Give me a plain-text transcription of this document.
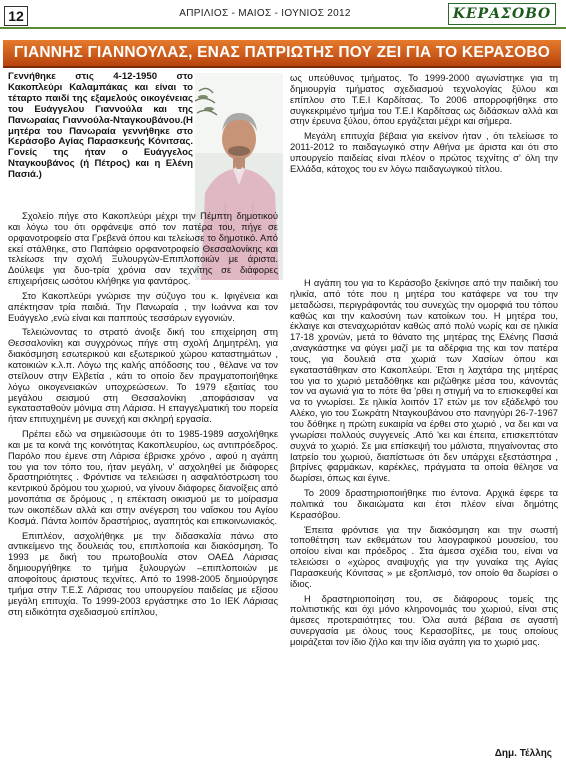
12	ΑΠΡΙΛΙΟΣ - ΜΑΙΟΣ - ΙΟΥΝΙΟΣ 2012	ΚΕΡΑΣΟΒΟ
ΓΙΑΝΝΗΣ ΓΙΑΝΝΟΥΛΑΣ, ΕΝΑΣ ΠΑΤΡΙΩΤΗΣ ΠΟΥ ΖΕΙ ΓΙΑ ΤΟ ΚΕΡΑΣΟΒΟ

Γεννήθηκε στις 4-12-1950 στο Κακοπλεύρι Καλαμπάκας και είναι το τέταρτο παιδί της εξαμελούς οικογένειας του Ευάγγελου Γιαννούλα και της Πανωραίας Γιαννούλα-Νταγκουβάνου.(Η μητέρα του Πανωραία γεννήθηκε στο Κεράσοβο Αγίας Παρασκευής Κόνιτσας. Γονείς της ήταν ο Ευάγγελος Νταγκουβάνος (ή Πέτρος) και η Ελένη Πασιά.)

Σχολείο πήγε στο Κακοπλεύρι μέχρι την Πέμπτη δημοτικού και λόγω του ότι ορφάνεψε από τον πατέρα του, πήγε σε ορφανοτροφείο στα Γρεβενά όπου και τελείωσε το δημοτικό. Από εκεί στάλθηκε, στο Παπάφειο ορφανοτροφείο Θεσσαλονίκης και τελείωσε την σχολή Ξυλουργών-Επιπλοποιών με άριστα. Δούλεψε για δυο-τρία χρόνια σαν τεχνίτης σε διάφορες επιχειρήσεις ωσότου κλήθηκε για φαντάρος.

Στο Κακοπλεύρι γνώρισε την σύζυγο του κ. Ιφιγένεια και απέκτησαν τρία παιδιά. Την Πανωραία , την Ιωάννα και τον Ευάγγελο ,ενώ είναι και παππούς τεσσάρων εγγονιών.

Τελειώνοντας το στρατό άνοιξε δική του επιχείρηση στη Θεσσαλονίκη και συγχρόνως πήγε στη σχολή Δημητρέλη, για διακόσμηση εσωτερικού και εξωτερικού χώρου καταστημάτων , κατοικιών κ.λ.π. Λόγω της καλής απόδοσης του , θέλανε να τον στείλουν στην Ελβετία , κάτι το οποίο δεν πραγματοποιήθηκε λόγω οικογενειακών υποχρεώσεων. Το 1979 εξαιτίας του μεγάλου σεισμού στη Θεσσαλονίκη ,αποφάσισαν να εγκατασταθούν μόνιμα στη Λάρισα. Η επαγγελματική του πορεία ήταν επιτυχημένη με συνεχή και σκληρή εργασία.

Πρέπει εδώ να σημειώσουμε ότι το 1985-1989 ασχολήθηκε και με τα κοινά της κοινότητας Κακοπλευρίου, ως αντιπρόεδρος. Παρόλο που έμενε στη Λάρισα έβρισκε χρόνο , αφού η αγάπη του για τον τόπο του, ήταν μεγάλη, ν' ασχοληθεί με διάφορες δραστηριότητες . Φρόντισε να τελειώσει η ασφαλτόστρωση του κεντρικού δρόμου του χωριού, να γίνουν διάφορες διανοίξεις από μονοπάτια σε δρόμους , η επέκταση οικισμού με το μοίρασμα των οικοπέδων αλλά και στην ανέγερση του ναΐσκου του Αγίου Κοσμά. Πάντα λοιπόν δραστήριος, αγαπητός και επικοινωνιακός.

Επιπλέον, ασχολήθηκε με την διδασκαλία πάνω στο αντικείμενο της δουλειάς του, επιπλοποιία και διακόσμηση. Το 1993 με δική του πρωτοβουλία στον ΟΑΕΔ Λάρισας δημιουργήθηκε το τμήμα ξυλουργών –επιπλοποιών με αποφοίτους άριστους τεχνίτες. Από το 1998-2005 δημιούργησε τμήμα στην Τ.Ε.Σ Λάρισας του υπουργείου παιδείας με εξίσου μεγάλη επιτυχία. Το 1999-2003 εργάστηκε στο 1ο ΙΕΚ Λάρισας στη ειδικότητα σχεδιασμού επίπλου,

ως υπεύθυνος τμήματος. Το 1999-2000 αγωνίστηκε για τη δημιουργία τμήματος σχεδιασμού τεχνολογίας ξύλου και επίπλου στο Τ.Ε.Ι Καρδίτσας. Το 2006 απορροφήθηκε στο συγκεκριμένο τμήμα του Τ.Ε.Ι Καρδίτσας ως διδάσκων αλλά και στην έρευνα ξύλου, όπου εργάζεται μέχρι και σήμερα.

Μεγάλη επιτυχία βέβαια για εκείνον ήταν , ότι τελείωσε το 2011-2012 το παιδαγωγικό στην Αθήνα με άριστα και ότι στο υπουργείο παιδείας είναι πλέον ο πρώτος τεχνίτης σ' όλη την Ελλάδα, κάτοχος του εν λόγω παιδαγωγικού τίτλου.

Η αγάπη του για το Κεράσοβο ξεκίνησε από την παιδική του ηλικία, από τότε που η μητέρα του κατάφερε να του την μεταδώσει, περιγράφοντάς του συνεχώς την ομορφιά του τόπου καθώς και την καλοσύνη των κατοίκων του. Η μητέρα του, έκλαιγε και στεναχωριόταν καθώς από πολύ νωρίς και σε ηλικία 17-18 χρονών, μετά το θάνατο της μητέρας της Ελένης Πασιά ,αναγκάστηκε να φύγει μαζί με τα αδέρφια της και τον πατέρα τους, για δουλειά στα χωριά των Χασίων όπου και εγκαταστάθηκαν στο Κακοπλεύρι. Έτσι η λαχτάρα της μητέρας του για το χωριό μεταδόθηκε και ριζώθηκε μέσα του, κάνοντάς τον να αγωνιά για το πότε θα 'ρθει η στιγμή να το επισκεφθεί και να το γνωρίσει. Σε ηλικία λοιπόν 17 ετών με τον εξάδελφό του Αλέκο, γιο του Σωκράτη Νταγκουβάνου στο πανηγύρι 26-7-1967 του δόθηκε η πρώτη ευκαιρία να έρθει στο χωριό , να δει και να γνωρίσει πολλούς συγγενείς .Από 'κει και έπειτα, επισκεπτόταν συχνά το χωριό. Σε μια επίσκεψή του μάλιστα, πηγαίνοντας στο Ιατρείο του χωριού, διαπίστωσε ότι δεν υπάρχει εξεστάστηρα , βιτρίνες φαρμάκων, καρέκλες, πράγματα τα οποία θέλησε να δωρίσει, όπως και έγινε.

Το 2009 δραστηριοποιήθηκε πιο έντονα. Αρχικά έφερε τα πολιτικά του δικαιώματα και έτσι πλέον είναι δημότης Κερασόβου.

Έπειτα φρόντισε για την διακόσμηση και την σωστή τοποθέτηση των εκθεμάτων του λαογραφικού μουσείου, του οποίου είναι και πρόεδρος . Στα άμεσα σχέδια του, είναι να τελειώσει ο «χώρος αναψυχής για την γυναίκα της Αγίας Παρασκευής Κόνιτσας » με εξοπλισμό, τον οποίο θα δωρίσει ο ίδιος.

Η δραστηριοποίηση του, σε διάφορους τομείς της πολιτιστικής και όχι μόνο κληρονομιάς του χωριού, είναι στις άμεσες προτεραιότητες του. Όλα αυτά βέβαια σε αγαστή συνεργασία με όλους τους Κερασοβίτες, με τους οποίους μοιράζεται τον ίδιο ζήλο και την ίδια αγάπη για το χωριό μας.

Δημ. Τέλλης
